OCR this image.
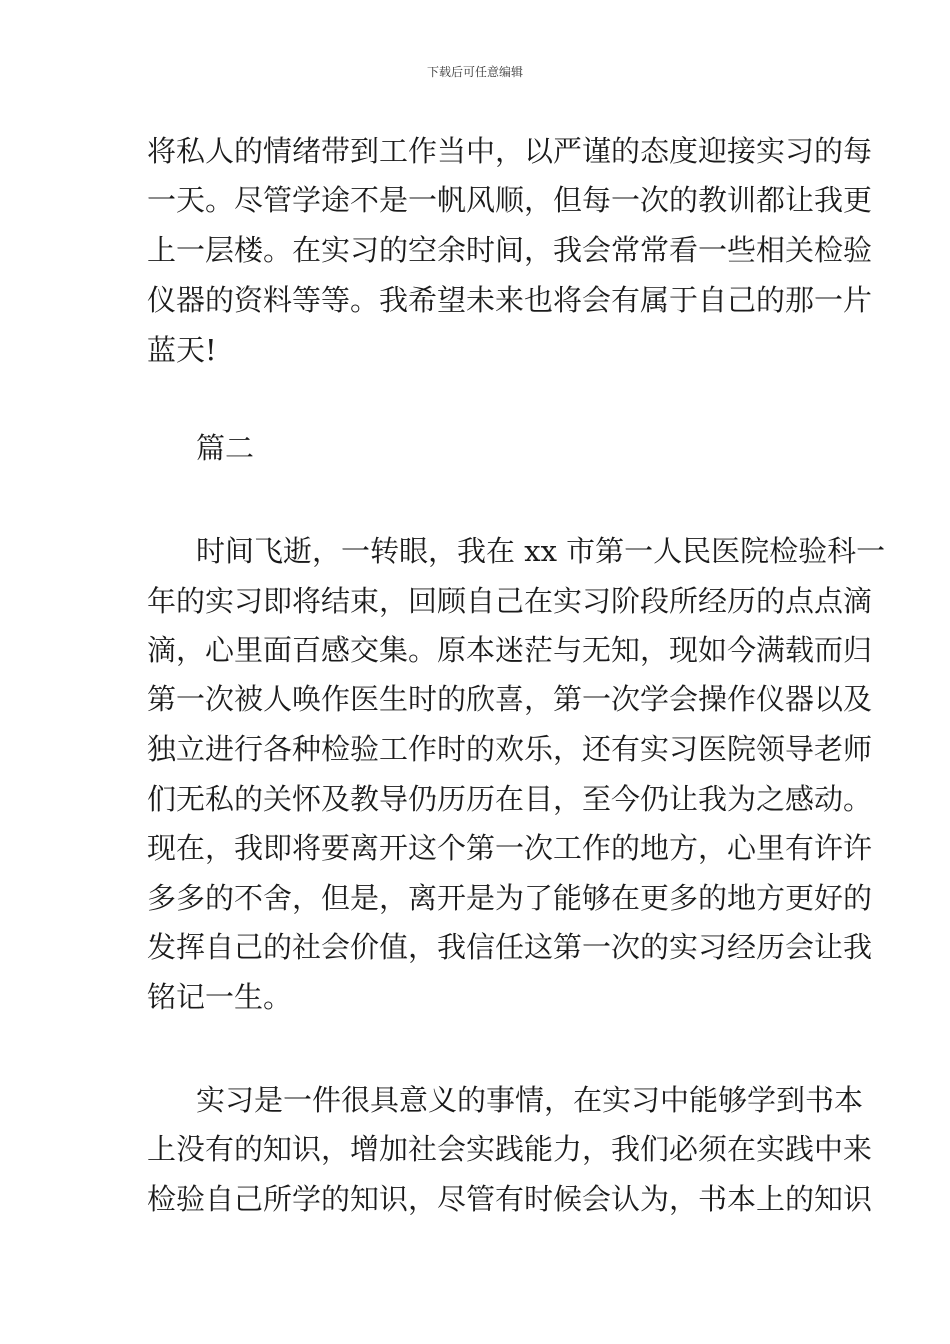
下载后可任意编辑
将私人的情绪带到工作当中，以严谨的态度迎接实习的每
一天。尽管学途不是一帆风顺，但每一次的教训都让我更
上一层楼。在实习的空余时间，我会常常看一些相关检验
仪器的资料等等。我希望未来也将会有属于自己的那一片
蓝天!
篇二
时间飞逝，一转眼，我在 xx 市第一人民医院检验科一
年的实习即将结束，回顾自己在实习阶段所经历的点点滴
滴，心里面百感交集。原本迷茫与无知，现如今满载而归
第一次被人唤作医生时的欣喜，第一次学会操作仪器以及
独立进行各种检验工作时的欢乐，还有实习医院领导老师
们无私的关怀及教导仍历历在目，至今仍让我为之感动。
现在，我即将要离开这个第一次工作的地方，心里有许许
多多的不舍，但是，离开是为了能够在更多的地方更好的
发挥自己的社会价值，我信任这第一次的实习经历会让我
铭记一生。
实习是一件很具意义的事情，在实习中能够学到书本
上没有的知识，增加社会实践能力，我们必须在实践中来
检验自己所学的知识，尽管有时候会认为，书本上的知识
